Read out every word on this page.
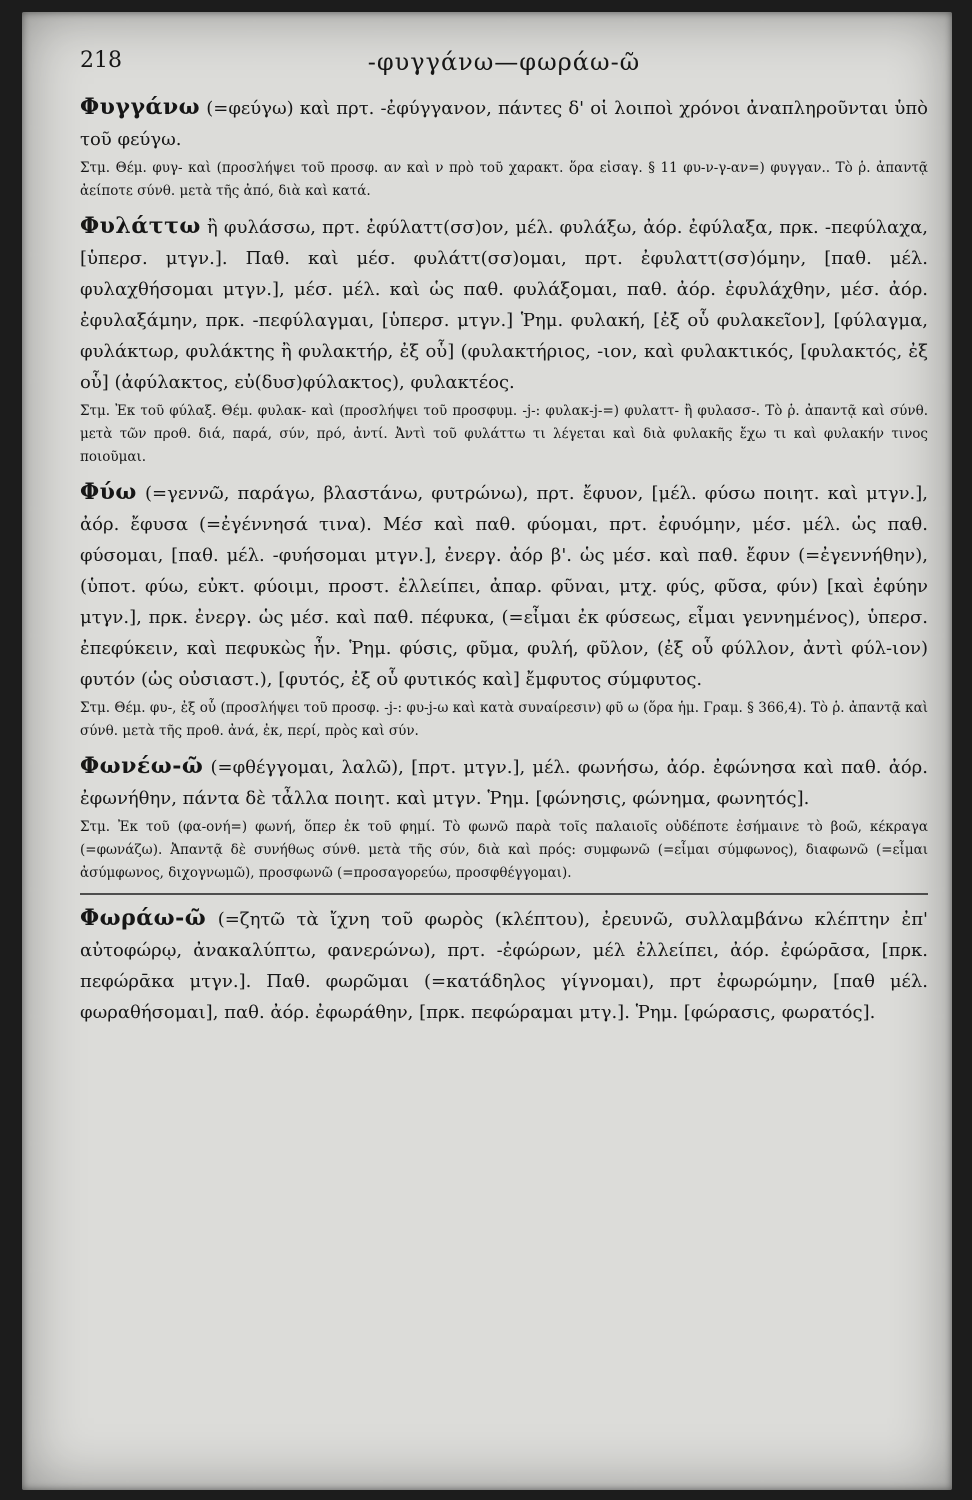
218	-φυγγάνω—φωράω-ῶ

Φυγγάνω (=φεύγω) καὶ πρτ. -ἐφύγγανον, πάντες δ' οἱ λοιποὶ χρόνοι ἀναπληροῦνται ὑπὸ τοῦ φεύγω.

Στμ. Θέμ. φυγ- καὶ (προσλήψει τοῦ προσφ. αν καὶ ν πρὸ τοῦ χαρακτ. ὅρα εἰσαγ. § 11 φυ-ν-γ-αν=) φυγγαν.. Τὸ ῥ. ἀπαντᾷ ἀείποτε σύνθ. μετὰ τῆς ἀπό, διὰ καὶ κατά.

Φυλάττω ἢ φυλάσσω, πρτ. ἐφύλαττ(σσ)ον, μέλ. φυλάξω, ἀόρ. ἐφύλαξα, πρκ. -πεφύλαχα, [ὑπερσ. μτγν.]. Παθ. καὶ μέσ. φυλάττ(σσ)ομαι, πρτ. ἐφυλαττ(σσ)όμην, [παθ. μέλ. φυλαχθήσομαι μτγν.], μέσ. μέλ. καὶ ὡς παθ. φυλάξομαι, παθ. ἀόρ. ἐφυλάχθην, μέσ. ἀόρ. ἐφυλαξάμην, πρκ. -πεφύλαγμαι, [ὑπερσ. μτγν.] Ῥημ. φυλακή, [ἐξ οὗ φυλακεῖον], [φύλαγμα, φυλάκτωρ, φυλάκτης ἢ φυλακτήρ, ἐξ οὗ] (φυλακτήριος, -ιον, καὶ φυλακτικός, [φυλακτός, ἐξ οὗ] (ἀφύλακτος, εὐ(δυσ)φύλακτος), φυλακτέος.

Στμ. Ἐκ τοῦ φύλαξ. Θέμ. φυλακ- καὶ (προσλήψει τοῦ προσφυμ. -j-: φυλακ-j-=) φυλαττ- ἢ φυλασσ-. Τὸ ῥ. ἀπαντᾷ καὶ σύνθ. μετὰ τῶν προθ. διά, παρά, σύν, πρό, ἀντί. Ἀντὶ τοῦ φυλάττω τι λέγεται καὶ διὰ φυλακῆς ἔχω τι καὶ φυλακήν τινος ποιοῦμαι.

Φύω (=γεννῶ, παράγω, βλαστάνω, φυτρώνω), πρτ. ἔφυον, [μέλ. φύσω ποιητ. καὶ μτγν.], ἀόρ. ἔφυσα (=ἐγέννησά τινα). Μέσ καὶ παθ. φύομαι, πρτ. ἐφυόμην, μέσ. μέλ. ὡς παθ. φύσομαι, [παθ. μέλ. -φυήσομαι μτγν.], ἐνεργ. ἀόρ β'. ὡς μέσ. καὶ παθ. ἔφυν (=ἐγεννήθην), (ὑποτ. φύω, εὐκτ. φύοιμι, προστ. ἐλλείπει, ἀπαρ. φῦναι, μτχ. φύς, φῦσα, φύν) [καὶ ἐφύην μτγν.], πρκ. ἐνεργ. ὡς μέσ. καὶ παθ. πέφυκα, (=εἶμαι ἐκ φύσεως, εἶμαι γεννημένος), ὑπερσ. ἐπεφύκειν, καὶ πεφυκὼς ἦν. Ῥημ. φύσις, φῦμα, φυλή, φῦλον, (ἐξ οὗ φύλλον, ἀντὶ φύλ-ιον) φυτόν (ὡς οὐσιαστ.), [φυτός, ἐξ οὗ φυτικός καὶ] ἔμφυτος σύμφυτος.

Στμ. Θέμ. φυ-, ἐξ οὗ (προσλήψει τοῦ προσφ. -j-: φυ-j-ω καὶ κατὰ συναίρεσιν) φῦ ω (ὅρα ἡμ. Γραμ. § 366,4). Τὸ ῥ. ἀπαντᾷ καὶ σύνθ. μετὰ τῆς προθ. ἀνά, ἐκ, περί, πρὸς καὶ σύν.

Φωνέω-ῶ (=φθέγγομαι, λαλῶ), [πρτ. μτγν.], μέλ. φωνήσω, ἀόρ. ἐφώνησα καὶ παθ. ἀόρ. ἐφωνήθην, πάντα δὲ τἆλλα ποιητ. καὶ μτγν. Ῥημ. [φώνησις, φώνημα, φωνητός].

Στμ. Ἐκ τοῦ (φα-ονή=) φωνή, ὅπερ ἐκ τοῦ φημί. Τὸ φωνῶ παρὰ τοῖς παλαιοῖς οὐδέποτε ἐσήμαινε τὸ βοῶ, κέκραγα (=φωνάζω). Ἀπαντᾷ δὲ συνήθως σύνθ. μετὰ τῆς σύν, διὰ καὶ πρός: συμφωνῶ (=εἶμαι σύμφωνος), διαφωνῶ (=εἶμαι ἀσύμφωνος, διχογνωμῶ), προσφωνῶ (=προσαγορεύω, προσφθέγγομαι).

Φωράω-ῶ (=ζητῶ τὰ ἴχνη τοῦ φωρὸς (κλέπτου), ἐρευνῶ, συλλαμβάνω κλέπτην ἐπ' αὐτοφώρῳ, ἀνακαλύπτω, φανερώνω), πρτ. -ἐφώρων, μέλ ἐλλείπει, ἀόρ. ἐφώρᾱσα, [πρκ. πεφώρᾱκα μτγν.]. Παθ. φωρῶμαι (=κατάδηλος γίγνομαι), πρτ ἐφωρώμην, [παθ μέλ. φωραθήσομαι], παθ. ἀόρ. ἐφωράθην, [πρκ. πεφώραμαι μτγ.]. Ῥημ. [φώρασις, φωρατός].
